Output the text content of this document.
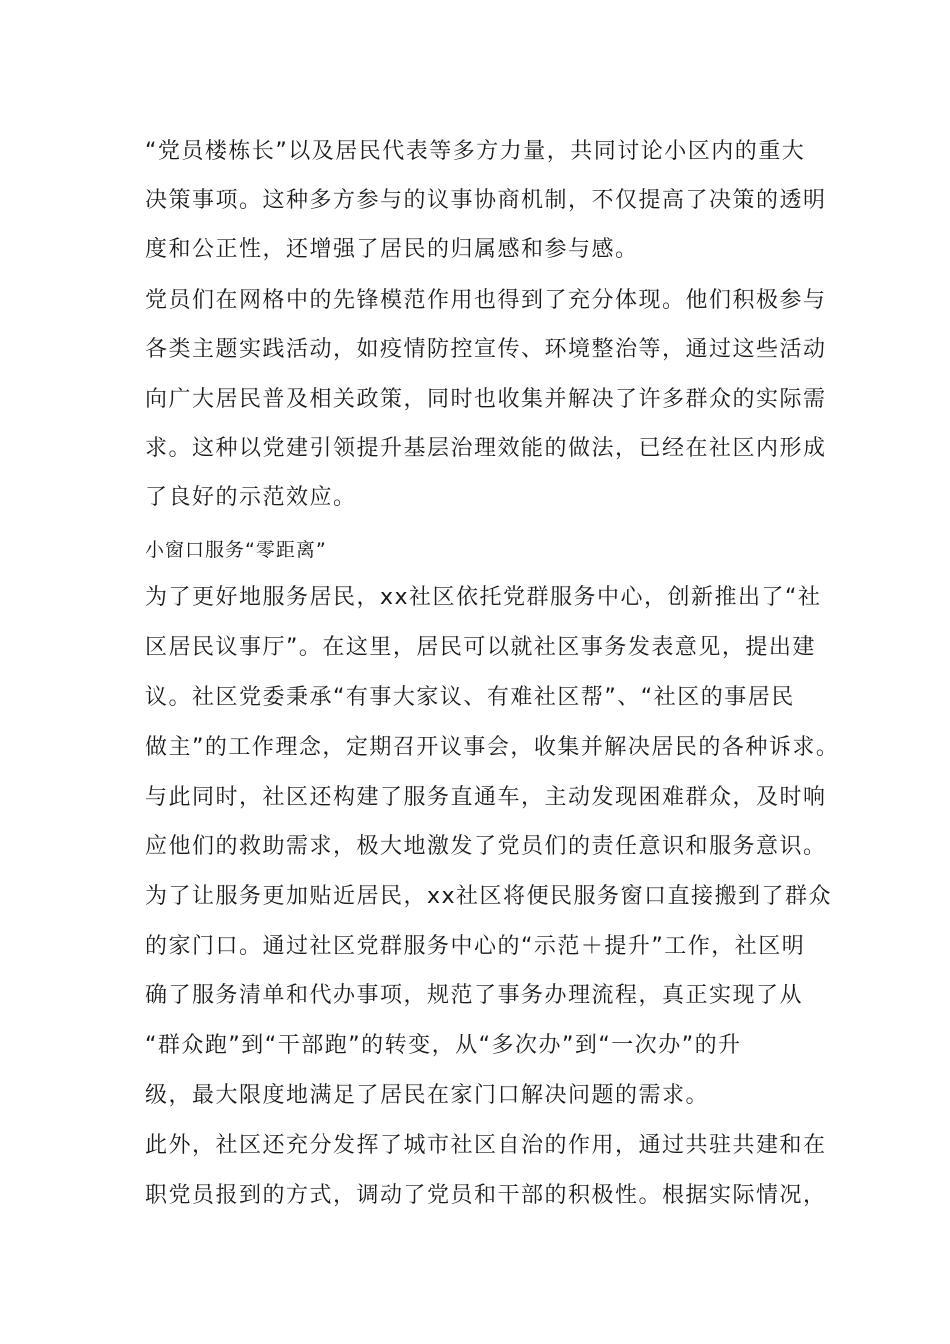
“党员楼栋长”以及居民代表等多方力量，共同讨论小区内的重大
决策事项。这种多方参与的议事协商机制，不仅提高了决策的透明
度和公正性，还增强了居民的归属感和参与感。
党员们在网格中的先锋模范作用也得到了充分体现。他们积极参与
各类主题实践活动，如疫情防控宣传、环境整治等，通过这些活动
向广大居民普及相关政策，同时也收集并解决了许多群众的实际需
求。这种以党建引领提升基层治理效能的做法，已经在社区内形成
了良好的示范效应。
小窗口服务“零距离”
为了更好地服务居民，xx社区依托党群服务中心，创新推出了“社
区居民议事厅”。在这里，居民可以就社区事务发表意见，提出建
议。社区党委秉承“有事大家议、有难社区帮”、“社区的事居民
做主”的工作理念，定期召开议事会，收集并解决居民的各种诉求。
与此同时，社区还构建了服务直通车，主动发现困难群众，及时响
应他们的救助需求，极大地激发了党员们的责任意识和服务意识。
为了让服务更加贴近居民，xx社区将便民服务窗口直接搬到了群众
的家门口。通过社区党群服务中心的“示范＋提升”工作，社区明
确了服务清单和代办事项，规范了事务办理流程，真正实现了从
“群众跑”到“干部跑”的转变，从“多次办”到“一次办”的升
级，最大限度地满足了居民在家门口解决问题的需求。
此外，社区还充分发挥了城市社区自治的作用，通过共驻共建和在
职党员报到的方式，调动了党员和干部的积极性。根据实际情况，
